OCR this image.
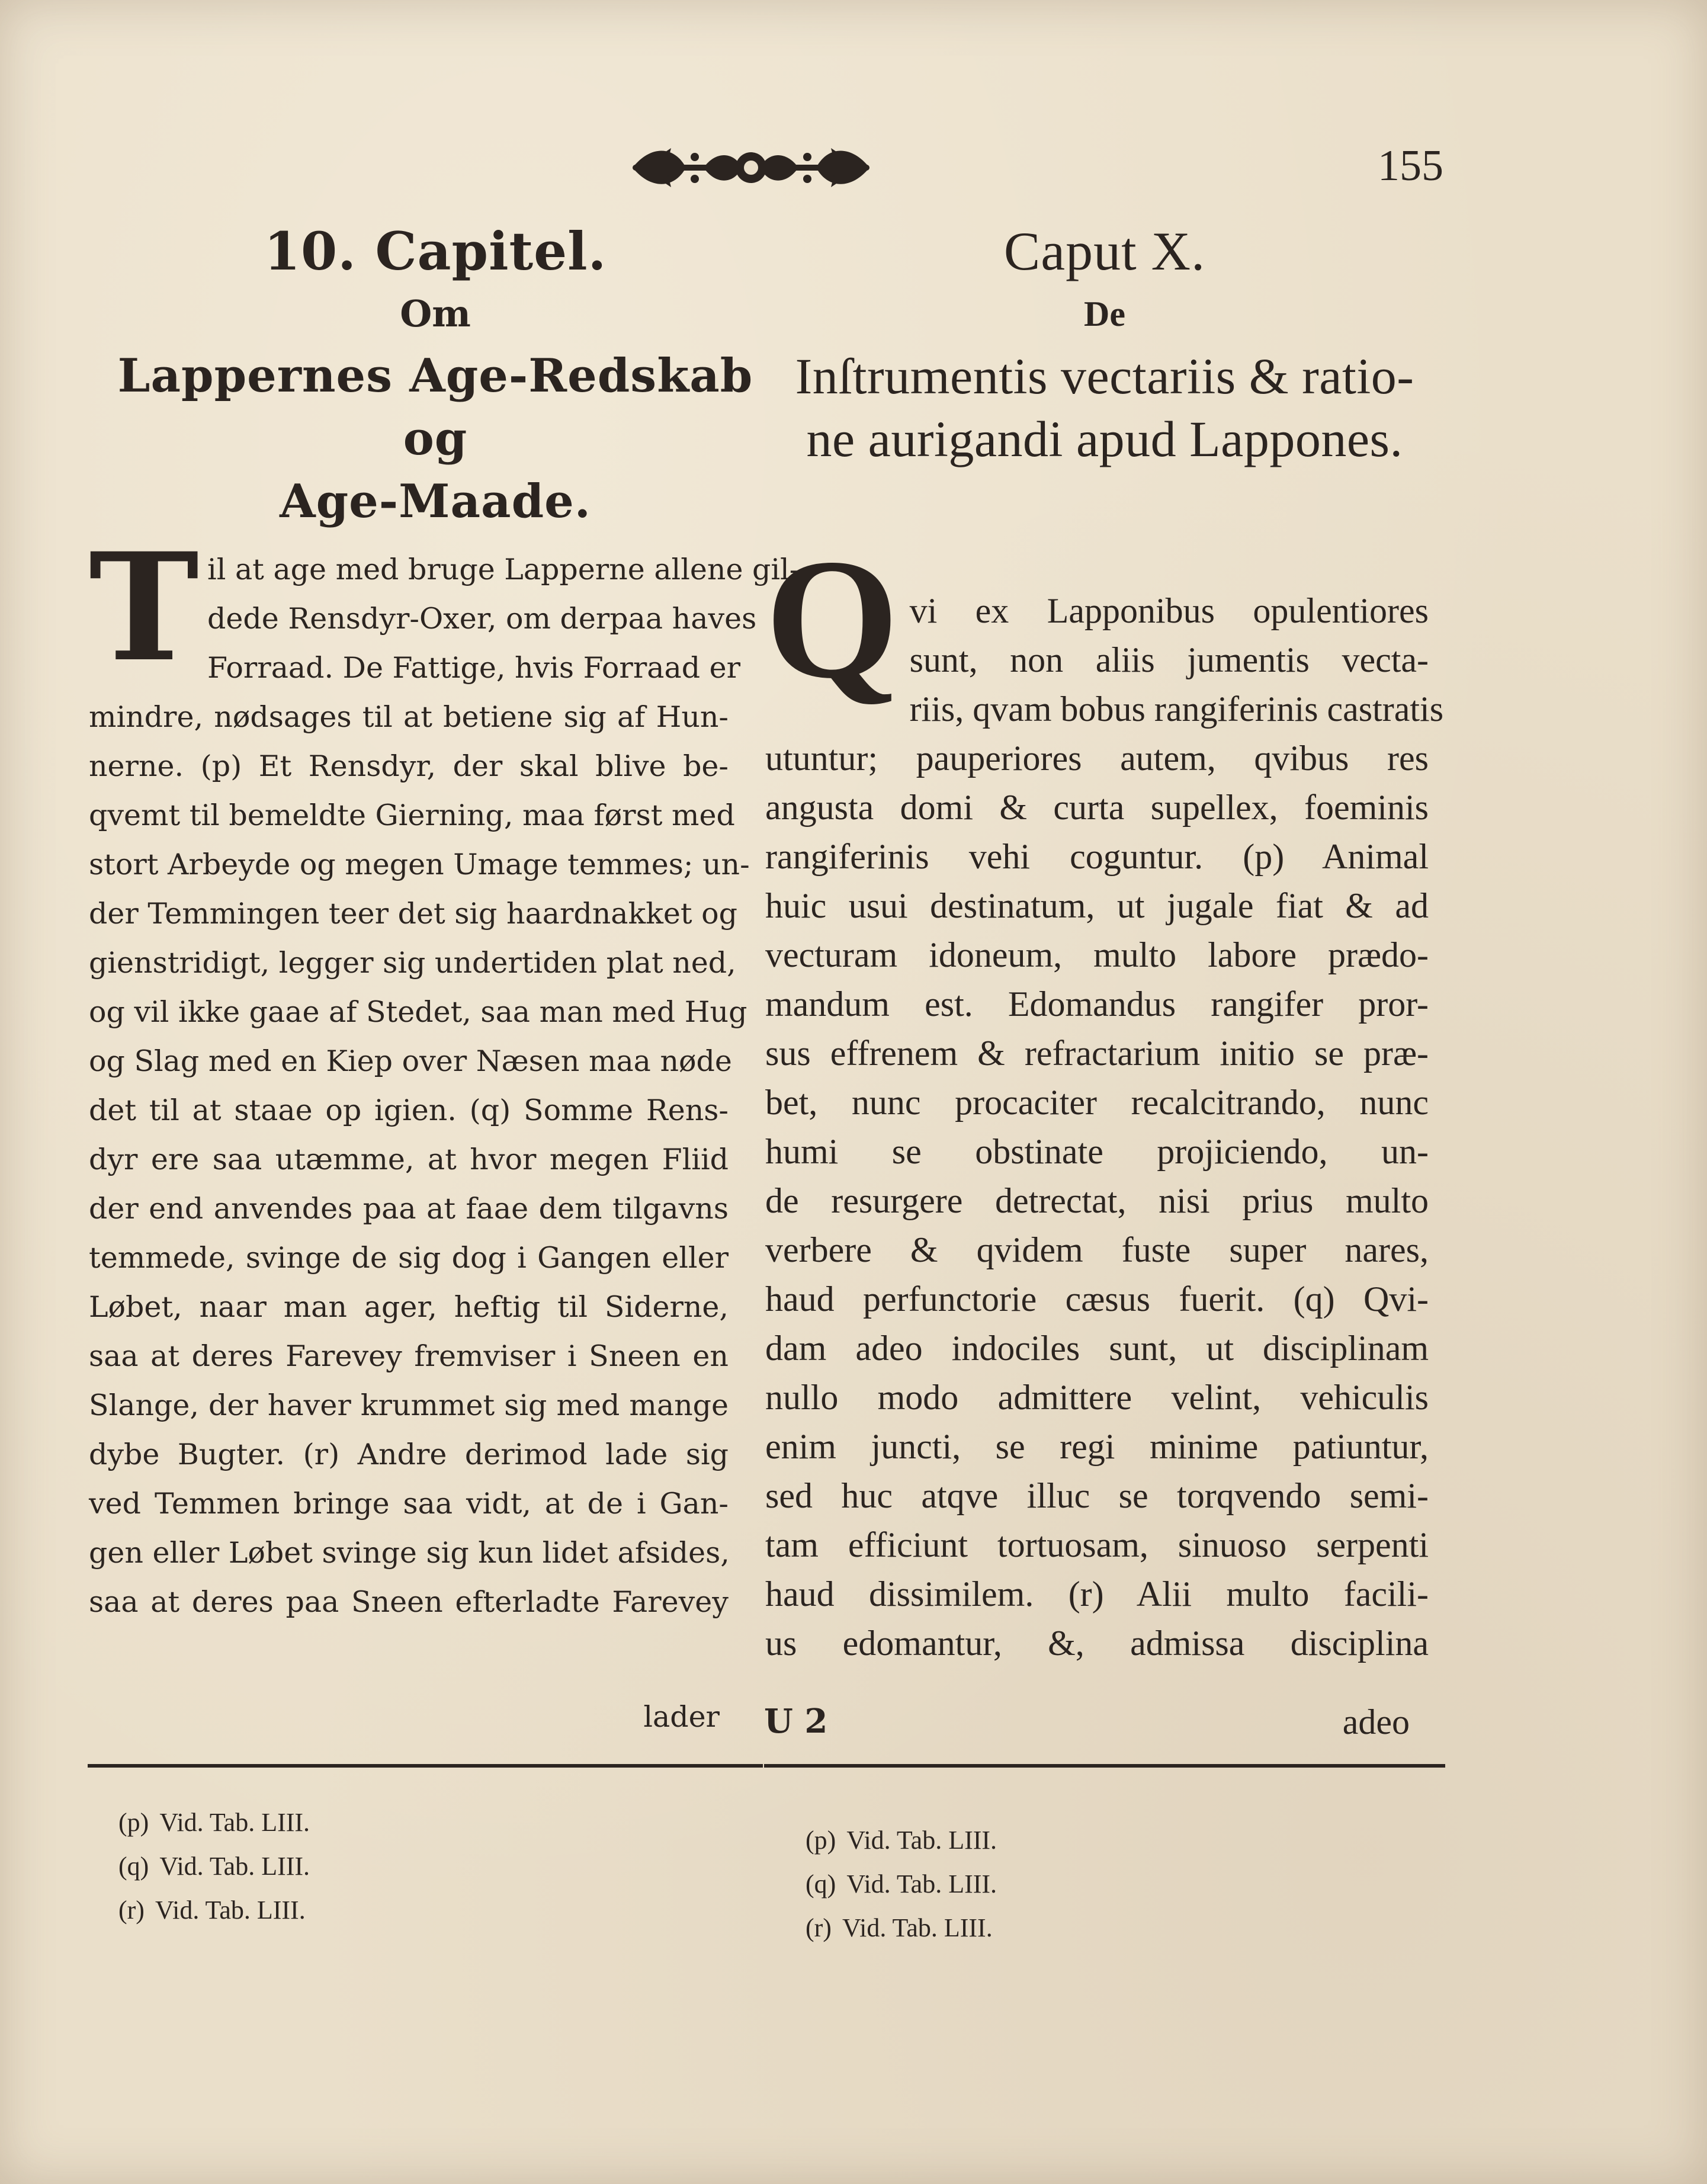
155
10. Capitel.
Om
Lappernes Age-Redskab og
Age-Maade.
Caput X.
De
Inſtrumentis vectariis & ratio-
ne aurigandi apud Lappones.
T il at age med bruge Lapperne allene gil-
dede Rensdyr-Oxer, om derpaa haves
Forraad. De Fattige, hvis Forraad er
mindre, nødsages til at betiene sig af Hun-
nerne. (p) Et Rensdyr, der skal blive be-
qvemt til bemeldte Gierning, maa først med
stort Arbeyde og megen Umage temmes; un-
der Temmingen teer det sig haardnakket og
gienstridigt, legger sig undertiden plat ned,
og vil ikke gaae af Stedet, saa man med Hug
og Slag med en Kiep over Næsen maa nøde
det til at staae op igien. (q) Somme Rens-
dyr ere saa utæmme, at hvor megen Fliid
der end anvendes paa at faae dem tilgavns
temmede, svinge de sig dog i Gangen eller
Løbet, naar man ager, heftig til Siderne,
saa at deres Farevey fremviser i Sneen en
Slange, der haver krummet sig med mange
dybe Bugter. (r) Andre derimod lade sig
ved Temmen bringe saa vidt, at de i Gan-
gen eller Løbet svinge sig kun lidet afsides,
saa at deres paa Sneen efterladte Farevey
Q vi ex Lapponibus opulentiores
sunt, non aliis jumentis vecta-
riis, qvam bobus rangiferinis castratis
utuntur; pauperiores autem, qvibus res
angusta domi & curta supellex, foeminis
rangiferinis vehi coguntur. (p) Animal
huic usui destinatum, ut jugale fiat & ad
vecturam idoneum, multo labore prædo-
mandum est. Edomandus rangifer pror-
sus effrenem & refractarium initio se præ-
bet, nunc procaciter recalcitrando, nunc
humi se obstinate projiciendo, un-
de resurgere detrectat, nisi prius multo
verbere & qvidem fuste super nares,
haud perfunctorie cæsus fuerit. (q) Qvi-
dam adeo indociles sunt, ut disciplinam
nullo modo admittere velint, vehiculis
enim juncti, se regi minime patiuntur,
sed huc atqve illuc se torqvendo semi-
tam efficiunt tortuosam, sinuoso serpenti
haud dissimilem. (r) Alii multo facili-
us edomantur, &, admissa disciplina
lader U 2	adeo
(p) Vid. Tab. LIII.
(q) Vid. Tab. LIII.
(r) Vid. Tab. LIII.
(p) Vid. Tab. LIII.
(q) Vid. Tab. LIII.
(r) Vid. Tab. LIII.
